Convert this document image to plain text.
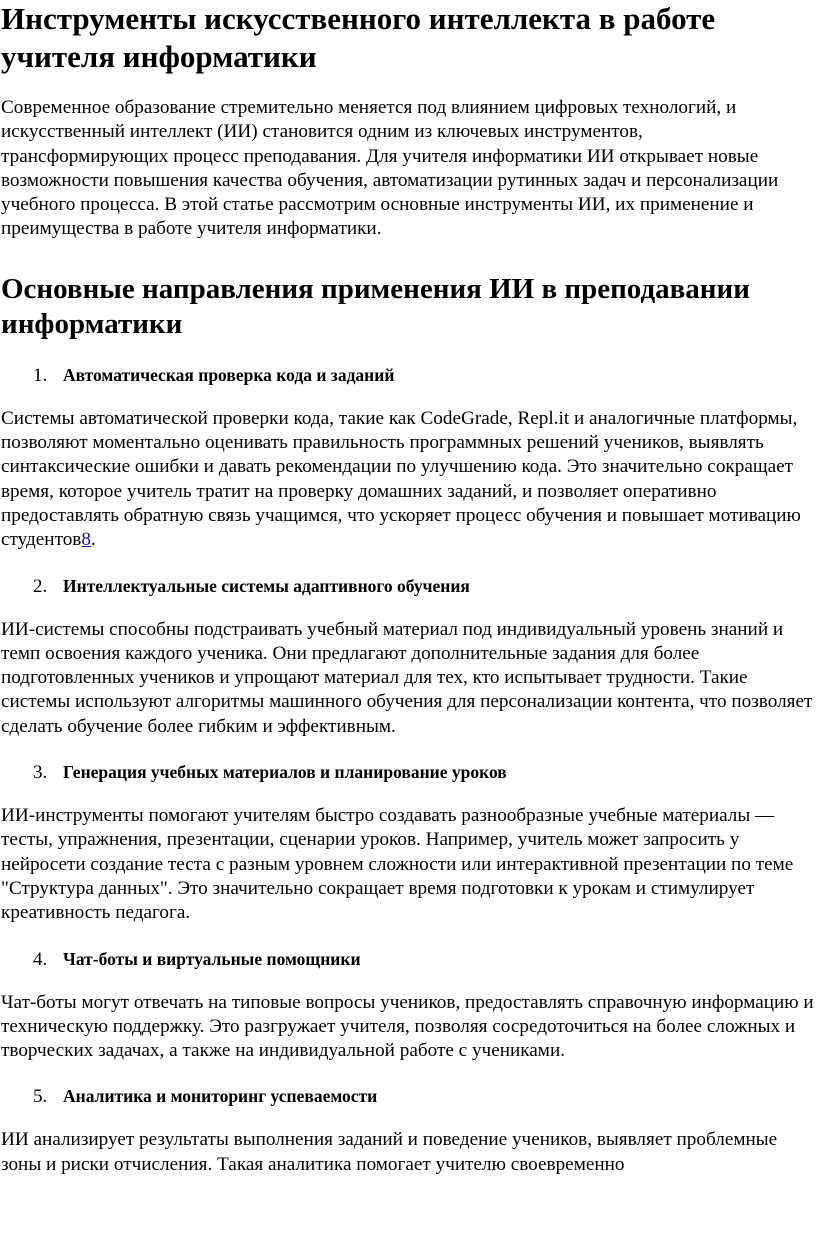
Инструменты искусственного интеллекта в работе учителя информатики

Современное образование стремительно меняется под влиянием цифровых технологий, и искусственный интеллект (ИИ) становится одним из ключевых инструментов, трансформирующих процесс преподавания. Для учителя информатики ИИ открывает новые возможности повышения качества обучения, автоматизации рутинных задач и персонализации учебного процесса. В этой статье рассмотрим основные инструменты ИИ, их применение и преимущества в работе учителя информатики.

Основные направления применения ИИ в преподавании информатики
1. Автоматическая проверка кода и заданий

Системы автоматической проверки кода, такие как CodeGrade, Repl.it и аналогичные платформы, позволяют моментально оценивать правильность программных решений учеников, выявлять синтаксические ошибки и давать рекомендации по улучшению кода. Это значительно сокращает время, которое учитель тратит на проверку домашних заданий, и позволяет оперативно предоставлять обратную связь учащимся, что ускоряет процесс обучения и повышает мотивацию студентов8.

2. Интеллектуальные системы адаптивного обучения

ИИ-системы способны подстраивать учебный материал под индивидуальный уровень знаний и темп освоения каждого ученика. Они предлагают дополнительные задания для более подготовленных учеников и упрощают материал для тех, кто испытывает трудности. Такие системы используют алгоритмы машинного обучения для персонализации контента, что позволяет сделать обучение более гибким и эффективным.

3. Генерация учебных материалов и планирование уроков

ИИ-инструменты помогают учителям быстро создавать разнообразные учебные материалы — тесты, упражнения, презентации, сценарии уроков. Например, учитель может запросить у нейросети создание теста с разным уровнем сложности или интерактивной презентации по теме "Структура данных". Это значительно сокращает время подготовки к урокам и стимулирует креативность педагога.

4. Чат-боты и виртуальные помощники

Чат-боты могут отвечать на типовые вопросы учеников, предоставлять справочную информацию и техническую поддержку. Это разгружает учителя, позволяя сосредоточиться на более сложных и творческих задачах, а также на индивидуальной работе с учениками.

5. Аналитика и мониторинг успеваемости

ИИ анализирует результаты выполнения заданий и поведение учеников, выявляет проблемные зоны и риски отчисления. Такая аналитика помогает учителю своевременно
